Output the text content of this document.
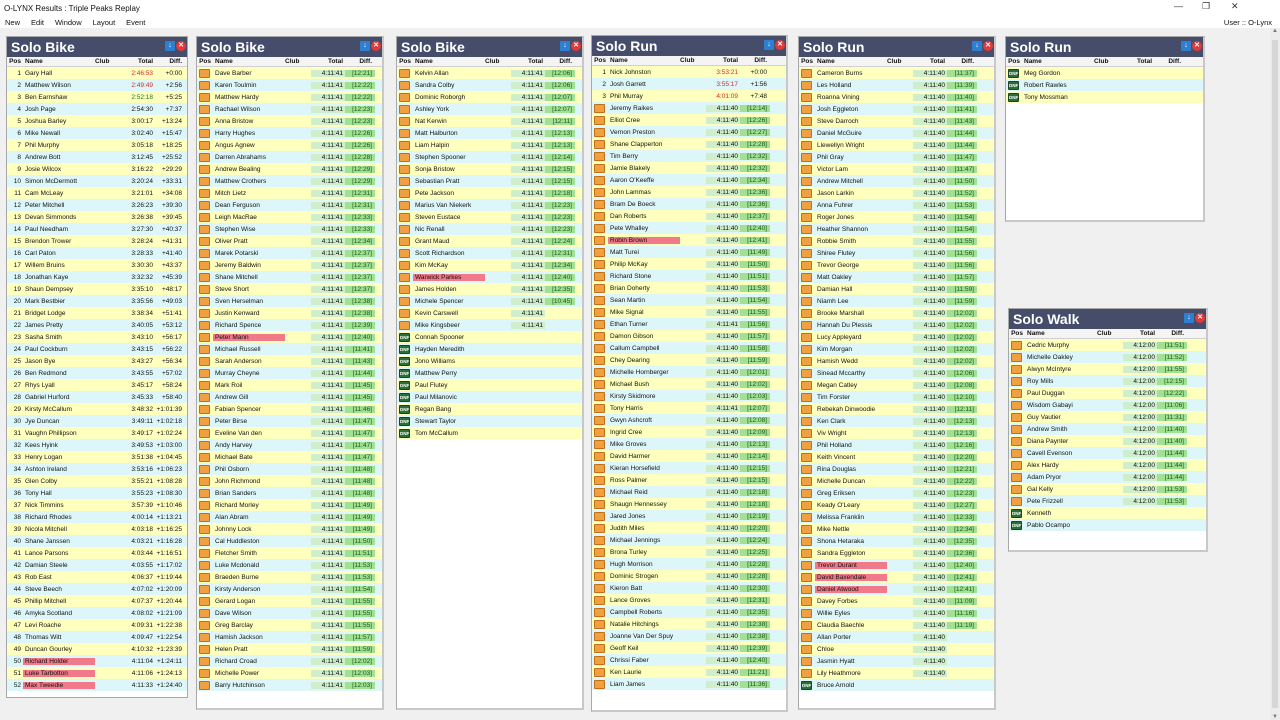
O-LYNX Results : Triple Peaks Replay	— ❐ ✕
New	Edit	Window	Layout	Event	User :: O-Lynx
▲
▼
Solo Bike	↓ ✕
Pos Name	Club	Total	Diff.
1 Gary Hall	2:46:53	+0:00
2 Matthew Wilson	2:49:49	+2:56
3 Ben Earnshaw	2:52:18	+5:25
4 Josh Page	2:54:30	+7:37
5 Joshua Barley	3:00:17	+13:24
6 Mike Newall	3:02:40	+15:47
7 Phil Murphy	3:05:18	+18:25
8 Andrew Bott	3:12:45	+25:52
9 Josie Wilcox	3:16:22	+29:29
10 Simon McDermott	3:20:24	+33:31
11 Cam McLeay	3:21:01	+34:08
12 Peter Mitchell	3:26:23	+39:30
13 Devan Simmonds	3:26:38	+39:45
14 Paul Needham	3:27:30	+40:37
15 Brendon Trower	3:28:24	+41:31
16 Carl Paton	3:28:33	+41:40
17 Willem Bruins	3:30:30	+43:37
18 Jonathan Kaye	3:32:32	+45:39
19 Shaun Dempsey	3:35:10	+48:17
20 Mark Bestbier	3:35:56	+49:03
21 Bridget Lodge	3:38:34	+51:41
22 James Pretty	3:40:05	+53:12
23 Sasha Smith	3:43:10	+56:17
24 Paul Cockburn	3:43:15	+56:22
25 Jason Bye	3:43:27	+56:34
26 Ben Redmond	3:43:55	+57:02
27 Rhys Lyall	3:45:17	+58:24
28 Gabriel Hurford	3:45:33	+58:40
29 Kirsty McCallum	3:48:32 +1:01:39
30 Jye Duncan	3:49:11 +1:02:18
31 Vaughn Phillipson	3:49:17 +1:02:24
32 Kees Hyink	3:49:53 +1:03:00
33 Henry Logan	3:51:38 +1:04:45
34 Ashton Ireland	3:53:16 +1:06:23
35 Glen Colby	3:55:21 +1:08:28
36 Tony Hall	3:55:23 +1:08:30
37 Nick Timmins	3:57:39 +1:10:46
38 Richard Rhodes	4:00:14 +1:13:21
39 Nicola Mitchell	4:03:18 +1:16:25
40 Shane Janssen	4:03:21 +1:16:28
41 Lance Parsons	4:03:44 +1:16:51
42 Damian Steele	4:03:55 +1:17:02
43 Rob East	4:06:37 +1:19:44
44 Steve Beech	4:07:02 +1:20:09
45 Phillip Mitchell	4:07:37 +1:20:44
46 Amyka Scotland	4:08:02 +1:21:09
47 Levi Roache	4:09:31 +1:22:38
48 Thomas Witt	4:09:47 +1:22:54
49 Duncan Gourley	4:10:32 +1:23:39
50 Richard Holder	4:11:04 +1:24:11
51 Luke Tarbotton	4:11:06 +1:24:13
52 Max Tweedie	4:11:33 +1:24:40
Solo Bike	↓ ✕
Pos Name	Club	Total	Diff.
Dave Barber	4:11:41	[12:21]
Karen Toulmin	4:11:41	[12:22]
Matthew Hardy	4:11:41	[12:22]
Rachael Wilson	4:11:41	[12:23]
Anna Bristow	4:11:41	[12:23]
Harry Hughes	4:11:41	[12:26]
Angus Agnew	4:11:41	[12:26]
Darren Abrahams	4:11:41	[12:28]
Andrew Bealing	4:11:41	[12:29]
Matthew Crothers	4:11:41	[12:29]
Mitch Lietz	4:11:41	[12:31]
Dean Ferguson	4:11:41	[12:31]
Leigh MacRae	4:11:41	[12:33]
Stephen Wise	4:11:41	[12:33]
Oliver Pratt	4:11:41	[12:34]
Marek Potarski	4:11:41	[12:37]
Jeremy Baldwin	4:11:41	[12:37]
Shane Mitchell	4:11:41	[12:37]
Steve Short	4:11:41	[12:37]
Sven Herselman	4:11:41	[12:38]
Justin Kenward	4:11:41	[12:38]
Richard Spence	4:11:41	[12:39]
Peter Mann	4:11:41	[12:40]
Michael Russell	4:11:41	[11:41]
Sarah Anderson	4:11:41	[11:43]
Murray Cheyne	4:11:41	[11:44]
Mark Roil	4:11:41	[11:45]
Andrew Gill	4:11:41	[11:45]
Fabian Spencer	4:11:41	[11:46]
Peter Birse	4:11:41	[11:47]
Eveline Van den	4:11:41	[11:47]
Andy Harvey	4:11:41	[11:47]
Michael Bate	4:11:41	[11:47]
Phil Osborn	4:11:41	[11:48]
John Richmond	4:11:41	[11:48]
Brian Sanders	4:11:41	[11:48]
Richard Morley	4:11:41	[11:49]
Alan Abram	4:11:41	[11:49]
Johnny Lock	4:11:41	[11:49]
Cal Huddleston	4:11:41	[11:50]
Fletcher Smith	4:11:41	[11:51]
Luke Mcdonald	4:11:41	[11:53]
Braeden Burne	4:11:41	[11:53]
Kirsty Anderson	4:11:41	[11:54]
Gerard Logan	4:11:41	[11:55]
Dave Wilson	4:11:41	[11:55]
Greg Barclay	4:11:41	[11:55]
Hamish Jackson	4:11:41	[11:57]
Helen Pratt	4:11:41	[11:59]
Richard Croad	4:11:41	[12:02]
Michelle Power	4:11:41	[12:03]
Barry Hutchinson	4:11:41	[12:03]
Solo Bike	↓ ✕
Pos Name	Club	Total	Diff.
Kelvin Allan	4:11:41	[12:06]
Sandra Colby	4:11:41	[12:06]
Dominic Roborgh	4:11:41	[12:07]
Ashley York	4:11:41	[12:07]
Nat Kerwin	4:11:41	[12:11]
Matt Halburton	4:11:41	[12:13]
Liam Halpin	4:11:41	[12:13]
Stephen Spooner	4:11:41	[12:14]
Sonja Bristow	4:11:41	[12:15]
Sebastian Pratt	4:11:41	[12:15]
Pete Jackson	4:11:41	[12:18]
Marius Van Niekerk	4:11:41	[12:23]
Steven Eustace	4:11:41	[12:23]
Nic Renall	4:11:41	[12:23]
Grant Maud	4:11:41	[12:24]
Scott Richardson	4:11:41	[12:31]
Kim McKay	4:11:41	[12:34]
Warwick Parkes	4:11:41	[12:40]
James Holden	4:11:41	[12:35]
Michele Spencer	4:11:41	[10:45]
Kevin Carswell	4:11:41
Mike Kingsbeer	4:11:41
DNF Connah Spooner
DNF Hayden Meredith
DNF Jono Williams
DNF Matthew Perry
DNF Paul Flutey
DNF Paul Milanovic
DNF Regan Bang
DNF Stewart Taylor
DNF Tom McCallum
Solo Run	↓ ✕
Pos Name	Club	Total	Diff.
1 Nick Johnston	3:53:21	+0:00
2 Josh Garrett	3:55:17	+1:56
3 Phil Murray	4:01:09	+7:48
Jeremy Raikes	4:11:40	[12:14]
Elliot Cree	4:11:40	[12:26]
Vernon Preston	4:11:40	[12:27]
Shane Clapperton	4:11:40	[12:28]
Tim Berry	4:11:40	[12:32]
Jamie Blakely	4:11:40	[12:32]
Aaron O'Keeffe	4:11:40	[12:34]
John Lammas	4:11:40	[12:36]
Bram De Boeck	4:11:40	[12:36]
Dan Roberts	4:11:40	[12:37]
Pete Whalley	4:11:40	[12:40]
Robin Brown	4:11:40	[12:41]
Matt Turei	4:11:40	[11:49]
Philip McKay	4:11:40	[11:50]
Richard Stone	4:11:40	[11:51]
Brian Doherty	4:11:40	[11:53]
Sean Martin	4:11:40	[11:54]
Mike Signal	4:11:40	[11:55]
Ethan Turner	4:11:41	[11:56]
Damon Gibson	4:11:40	[11:57]
Callum Campbell	4:11:40	[11:58]
Chey Dearing	4:11:40	[11:59]
Michelle Hornberger	4:11:40	[12:01]
Michael Bush	4:11:40	[12:02]
Kirsty Skidmore	4:11:40	[12:03]
Tony Harris	4:11:41	[12:07]
Gwyn Ashcroft	4:11:40	[12:08]
Ingrid Cree	4:11:40	[12:09]
Mike Groves	4:11:40	[12:13]
David Harmer	4:11:40	[12:14]
Kieran Horsefield	4:11:40	[12:15]
Ross Palmer	4:11:40	[12:15]
Michael Reid	4:11:40	[12:18]
Shaugn Hennessey	4:11:40	[12:18]
Jared Jones	4:11:40	[12:19]
Judith Miles	4:11:40	[12:20]
Michael Jennings	4:11:40	[12:24]
Brona Turley	4:11:40	[12:25]
Hugh Morrison	4:11:40	[12:28]
Dominic Strogen	4:11:40	[12:28]
Kieron Batt	4:11:40	[12:30]
Lance Groves	4:11:40	[12:31]
Campbell Roberts	4:11:40	[12:35]
Natalie Hitchings	4:11:40	[12:38]
Joanne Van Der Spuy	4:11:40	[12:38]
Geoff Keil	4:11:40	[12:39]
Chrissi Faber	4:11:40	[12:40]
Ken Laurie	4:11:40	[11:21]
Liam James	4:11:40	[11:36]
Solo Run	↓ ✕
Pos Name	Club	Total	Diff.
Cameron Burns	4:11:40	[11:37]
Les Holland	4:11:40	[11:39]
Roanna Vining	4:11:40	[11:40]
Josh Eggleton	4:11:40	[11:41]
Steve Darroch	4:11:40	[11:43]
Daniel McGuire	4:11:40	[11:44]
Llewellyn Wright	4:11:40	[11:44]
Phil Gray	4:11:40	[11:47]
Victor Lam	4:11:40	[11:47]
Andrew Mitchell	4:11:40	[11:50]
Jason Larkin	4:11:40	[11:52]
Anna Fuhrer	4:11:40	[11:53]
Roger Jones	4:11:40	[11:54]
Heather Shannon	4:11:40	[11:54]
Robbie Smith	4:11:40	[11:55]
Shiree Flutey	4:11:40	[11:56]
Trevor George	4:11:40	[11:56]
Matt Oakley	4:11:40	[11:57]
Damian Hall	4:11:40	[11:59]
Niamh Lee	4:11:40	[11:59]
Brooke Marshall	4:11:40	[12:02]
Hannah Du Plessis	4:11:40	[12:02]
Lucy Appleyard	4:11:40	[12:02]
Kim Morgan	4:11:40	[12:02]
Hamish Wedd	4:11:40	[12:02]
Sinead Mccarthy	4:11:40	[12:06]
Megan Catley	4:11:40	[12:08]
Tim Forster	4:11:40	[12:10]
Rebekah Dinwoodie	4:11:40	[12:11]
Ken Clark	4:11:40	[12:13]
Viv Wright	4:11:40	[12:13]
Phil Holland	4:11:40	[12:16]
Keith Vincent	4:11:40	[12:20]
Rina Douglas	4:11:40	[12:21]
Michelle Duncan	4:11:40	[12:22]
Greg Eriksen	4:11:40	[12:23]
Keady O'Leary	4:11:40	[12:27]
Melissa Franklin	4:11:40	[12:33]
Mike Nettle	4:11:40	[12:34]
Shona Hetaraka	4:11:40	[12:35]
Sandra Eggleton	4:11:40	[12:36]
Trevor Durant	4:11:40	[12:40]
David Baxendale	4:11:40	[12:41]
Daniel Atwood	4:11:40	[12:41]
Davey Forbes	4:11:40	[11:09]
Willie Eyles	4:11:40	[11:16]
Claudia Baechle	4:11:40	[11:19]
Allan Porter	4:11:40
Chloe	4:11:40
Jasmin Hyatt	4:11:40
Lily Heathmore	4:11:40
DNF Bruce Arnold
Solo Run	↓ ✕
Pos Name	Club	Total	Diff.
DNF Meg Gordon
DNF Robert Rawles
DNF Tony Mossman
Solo Walk	↓ ✕
Pos Name	Club	Total	Diff.
Cedric Murphy	4:12:00	[11:51]
Michelle Oakley	4:12:00	[11:52]
Alwyn McIntyre	4:12:00	[11:55]
Roy Mills	4:12:00	[12:15]
Paul Duggan	4:12:00	[12:22]
Wisdom Gabayi	4:12:00	[11:06]
Guy Vautier	4:12:00	[11:31]
Andrew Smith	4:12:00	[11:40]
Diana Paynter	4:12:00	[11:40]
Cavell Evenson	4:12:00	[11:44]
Alex Hardy	4:12:00	[11:44]
Adam Pryor	4:12:00	[11:44]
Gal Kelly	4:12:00	[11:53]
Pete Frizzell	4:12:00	[11:53]
DNF Kenneth
DNF Pablo Ocampo
